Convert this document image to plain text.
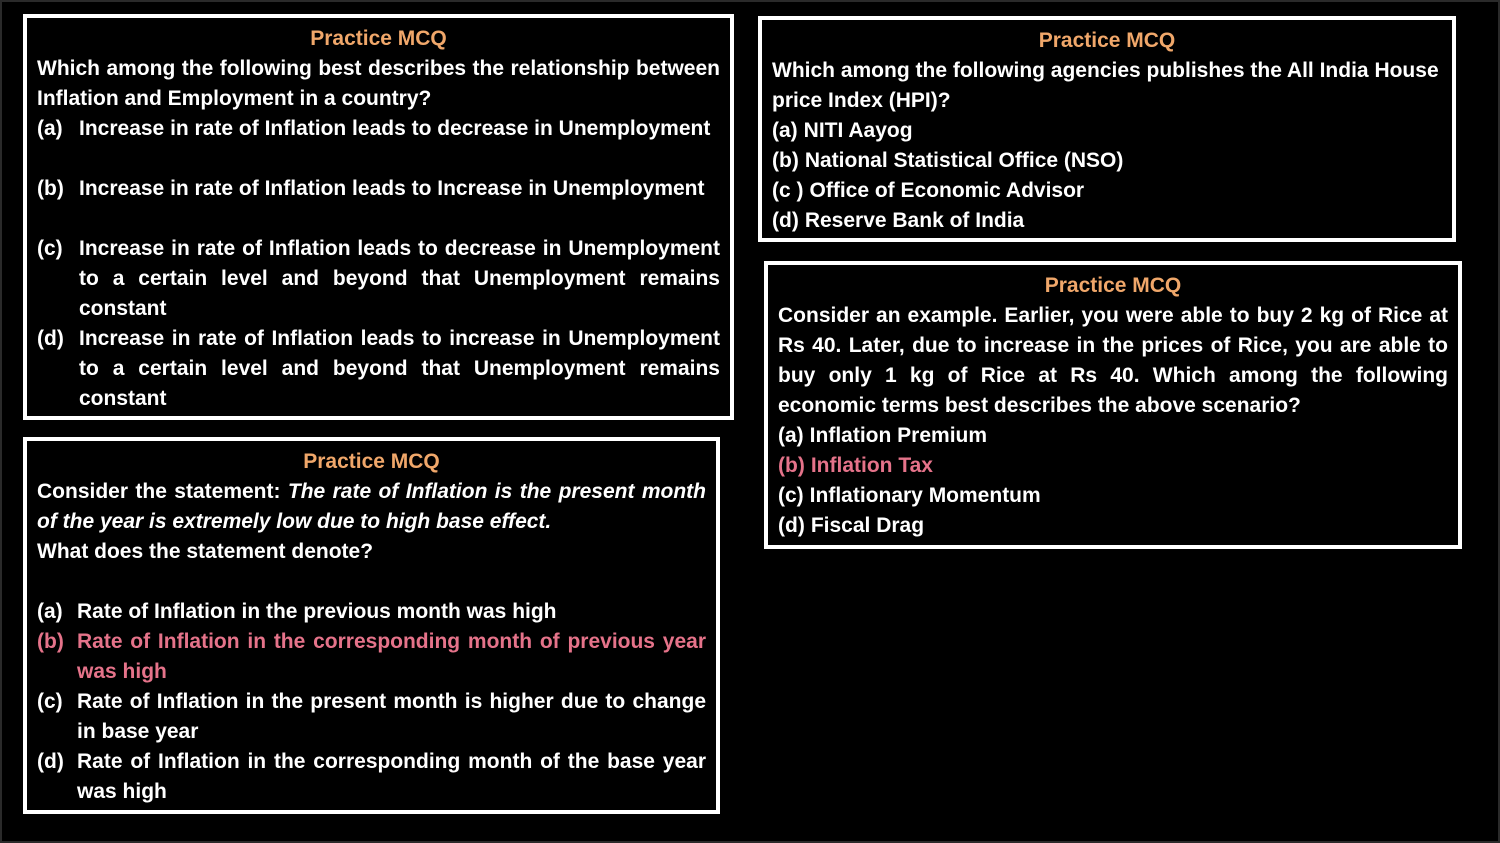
Practice MCQ

Which among the following best describes the relationship between Inflation and Employment in a country?

(a) Increase in rate of Inflation leads to decrease in Unemployment
(b) Increase in rate of Inflation leads to Increase in Unemployment
(c) Increase in rate of Inflation leads to decrease in Unemployment to a certain level and beyond that Unemployment remains constant
(d) Increase in rate of Inflation leads to increase in Unemployment to a certain level and beyond that Unemployment remains constant

Practice MCQ

Which among the following agencies publishes the All India House price Index (HPI)?

(a) NITI Aayog
(b) National Statistical Office (NSO)
(c ) Office of Economic Advisor
(d) Reserve Bank of India

Practice MCQ

Consider an example. Earlier, you were able to buy 2 kg of Rice at Rs 40. Later, due to increase in the prices of Rice, you are able to buy only 1 kg of Rice at Rs 40. Which among the following economic terms best describes the above scenario?

(a) Inflation Premium
(b) Inflation Tax
(c) Inflationary Momentum
(d) Fiscal Drag

Practice MCQ

Consider the statement: The rate of Inflation is the present month of the year is extremely low due to high base effect.

What does the statement denote?

(a) Rate of Inflation in the previous month was high
(b) Rate of Inflation in the corresponding month of previous year was high
(c) Rate of Inflation in the present month is higher due to change in base year
(d) Rate of Inflation in the corresponding month of the base year was high
